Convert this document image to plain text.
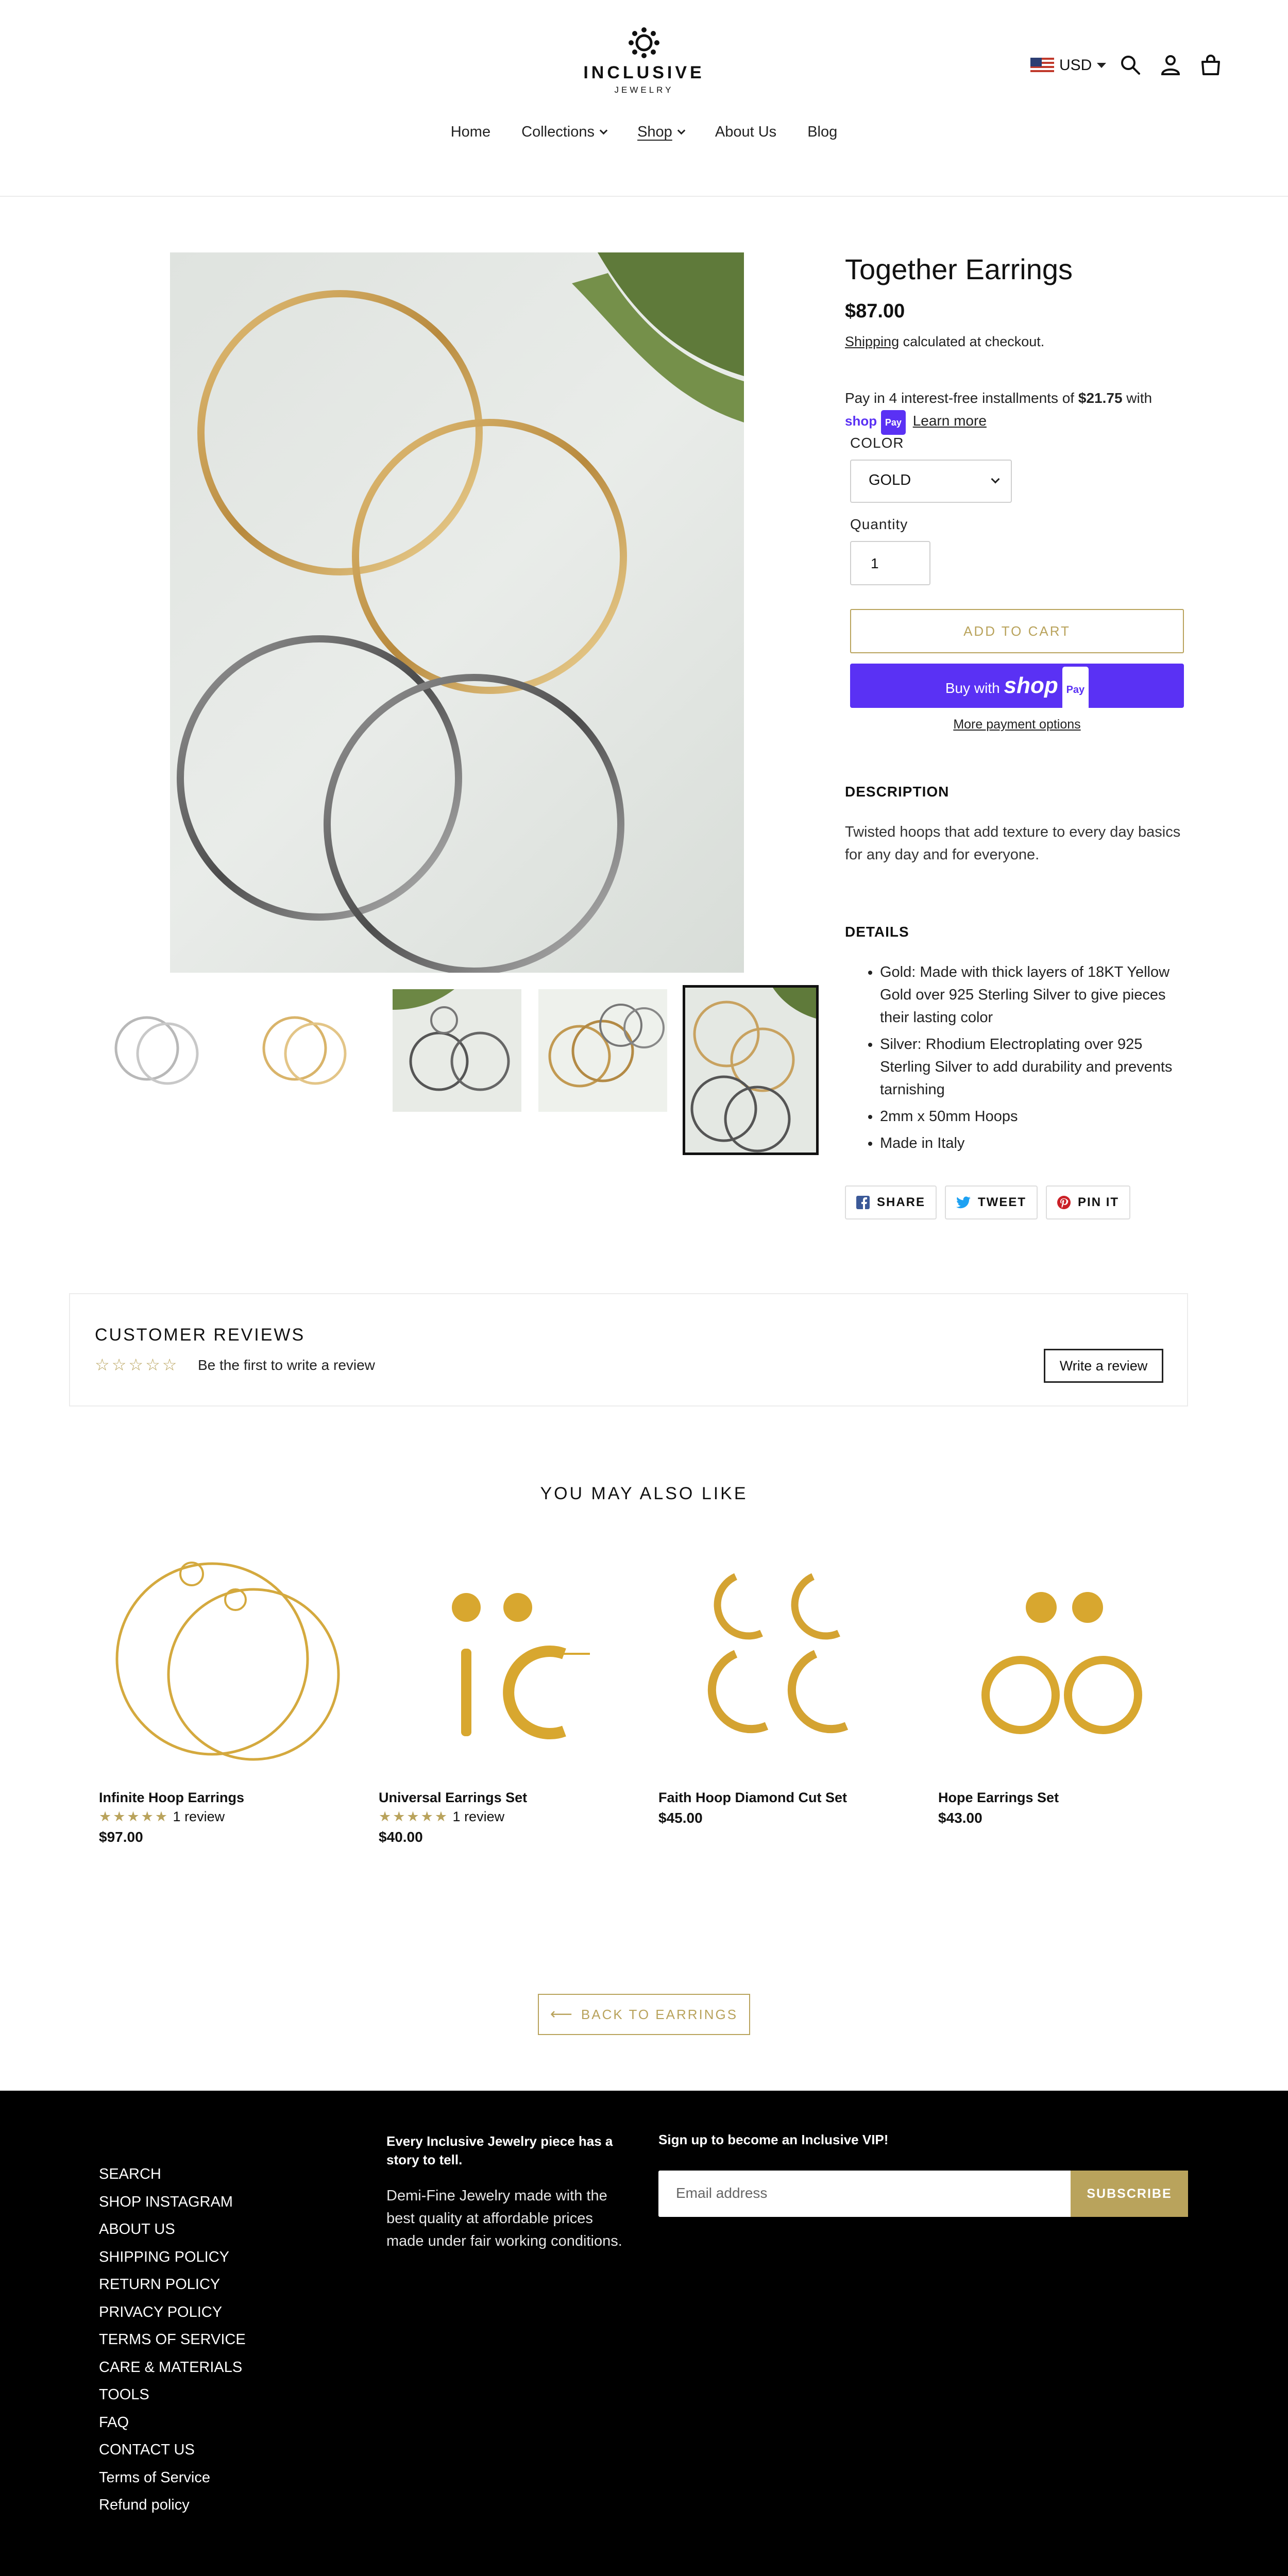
INCLUSIVE
JEWELRY
USD
Home Collections	Shop	About Us Blog
Together Earrings
$87.00
Shipping calculated at checkout.
Pay in 4 interest-free installments of $21.75 with
shop Pay Learn more
COLOR
GOLD
Quantity
1
ADD TO CART
Buy with shop Pay
More payment options
DESCRIPTION

Twisted hoops that add texture to every day basics for any day and for everyone.

DETAILS
• Gold: Made with thick layers of 18KT Yellow Gold over 925 Sterling Silver to give pieces their lasting color
• Silver: Rhodium Electroplating over 925 Sterling Silver to add durability and prevents tarnishing
• 2mm x 50mm Hoops
• Made in Italy
SHARE	TWEET	PIN IT
CUSTOMER REVIEWS
☆☆☆☆☆ Be the first to write a review	Write a review
YOU MAY ALSO LIKE
Infinite Hoop Earrings
★★★★★ 1 review
$97.00
Universal Earrings Set
★★★★★ 1 review
$40.00
Faith Hoop Diamond Cut Set
$45.00
Hope Earrings Set
$43.00
⟵ BACK TO EARRINGS
SEARCH
SHOP INSTAGRAM
ABOUT US
SHIPPING POLICY
RETURN POLICY
PRIVACY POLICY
TERMS OF SERVICE
CARE & MATERIALS
TOOLS
FAQ
CONTACT US
Terms of Service
Refund policy
Every Inclusive Jewelry piece has a story to tell.
Demi-Fine Jewelry made with the best quality at affordable prices made under fair working conditions.
Sign up to become an Inclusive VIP!
Email address	SUBSCRIBE
